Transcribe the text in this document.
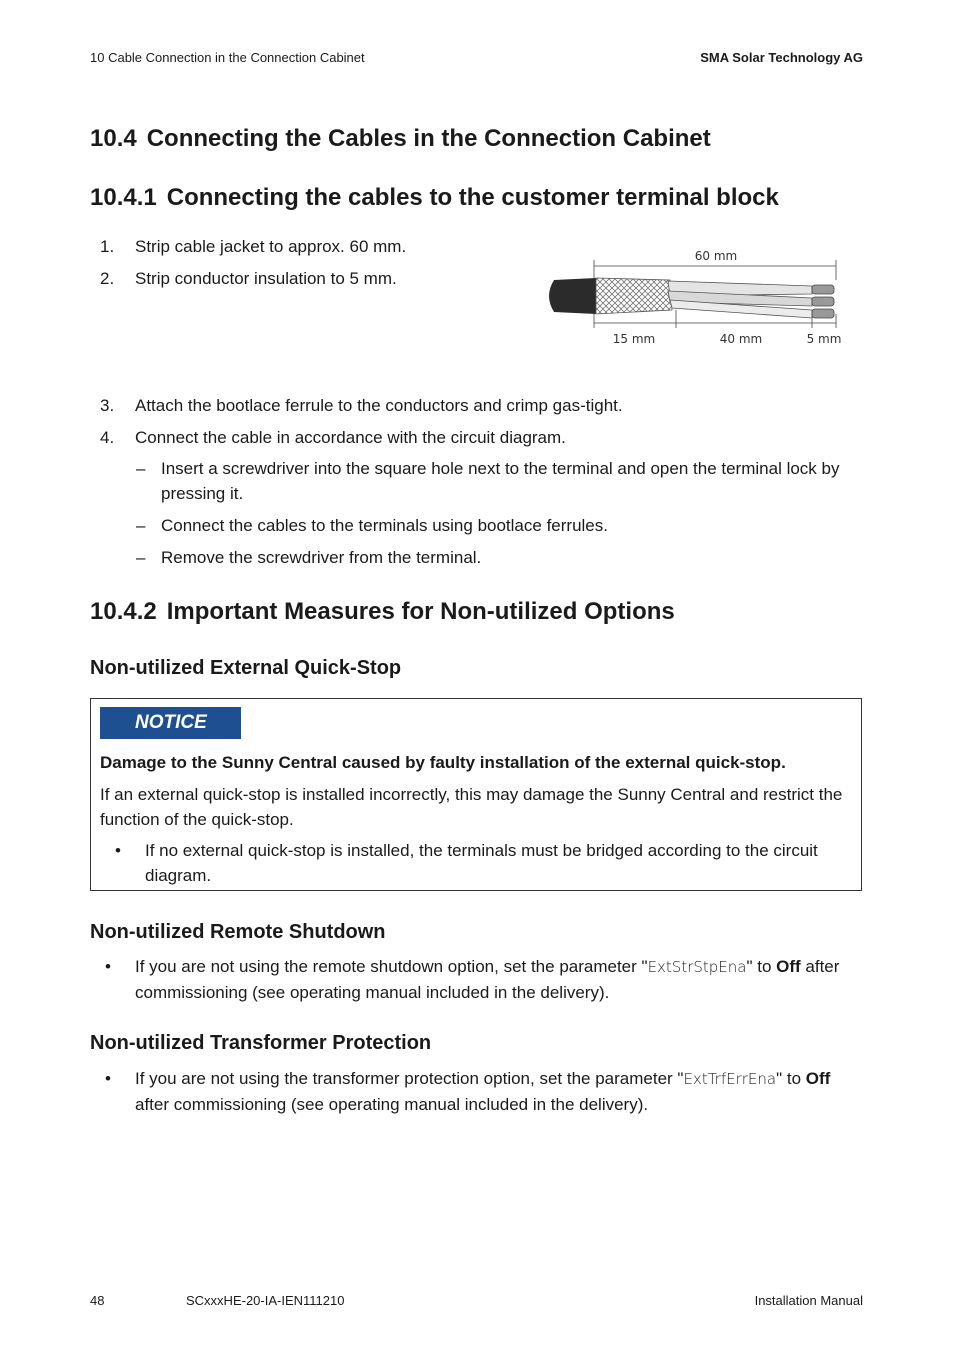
10 Cable Connection in the Connection Cabinet	SMA Solar Technology AG
10.4 Connecting the Cables in the Connection Cabinet
10.4.1 Connecting the cables to the customer terminal block
1.	Strip cable jacket to approx. 60 mm.
2.	Strip conductor insulation to 5 mm.
60 mm
15 mm	40 mm	5 mm
3.	Attach the bootlace ferrule to the conductors and crimp gas-tight.
4.	Connect the cable in accordance with the circuit diagram.
– Insert a screwdriver into the square hole next to the terminal and open the terminal lock by pressing it.
– Connect the cables to the terminals using bootlace ferrules.
– Remove the screwdriver from the terminal.
10.4.2 Important Measures for Non-utilized Options
Non-utilized External Quick-Stop
NOTICE
Damage to the Sunny Central caused by faulty installation of the external quick-stop.
If an external quick-stop is installed incorrectly, this may damage the Sunny Central and restrict the function of the quick-stop.
• If no external quick-stop is installed, the terminals must be bridged according to the circuit diagram.
Non-utilized Remote Shutdown
• If you are not using the remote shutdown option, set the parameter "ExtStrStpEna" to Off after commissioning (see operating manual included in the delivery).
Non-utilized Transformer Protection
• If you are not using the transformer protection option, set the parameter "ExtTrfErrEna" to Off after commissioning (see operating manual included in the delivery).
48	SCxxxHE-20-IA-IEN111210	Installation Manual
